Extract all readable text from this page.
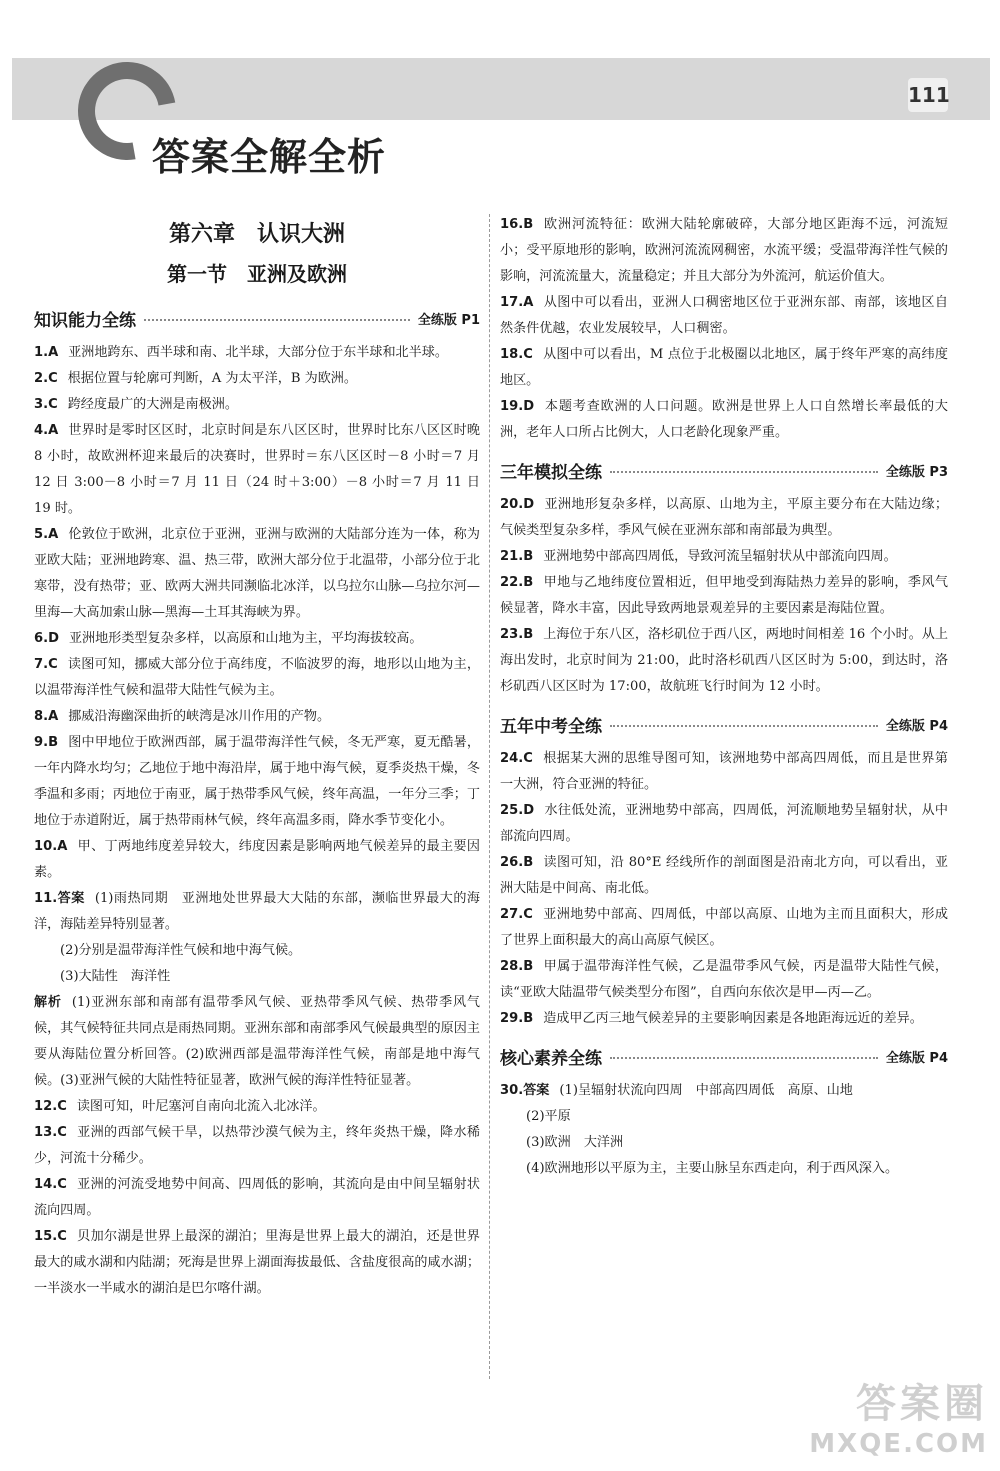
111
答案全解全析
第六章　认识大洲
第一节　亚洲及欧洲
知识能力全练	全练版 P1

1.A 亚洲地跨东、西半球和南、北半球，大部分位于东半球和北半球。

2.C 根据位置与轮廓可判断，A 为太平洋，B 为欧洲。

3.C 跨经度最广的大洲是南极洲。

4.A 世界时是零时区区时，北京时间是东八区区时，世界时比东八区区时晚 8 小时，故欧洲杯迎来最后的决赛时，世界时＝东八区区时－8 小时＝7 月 12 日 3:00－8 小时＝7 月 11 日（24 时＋3:00）－8 小时＝7 月 11 日 19 时。

5.A 伦敦位于欧洲，北京位于亚洲，亚洲与欧洲的大陆部分连为一体，称为亚欧大陆；亚洲地跨寒、温、热三带，欧洲大部分位于北温带，小部分位于北寒带，没有热带；亚、欧两大洲共同濒临北冰洋，以乌拉尔山脉—乌拉尔河—里海—大高加索山脉—黑海—土耳其海峡为界。

6.D 亚洲地形类型复杂多样，以高原和山地为主，平均海拔较高。

7.C 读图可知，挪威大部分位于高纬度，不临波罗的海，地形以山地为主，以温带海洋性气候和温带大陆性气候为主。

8.A 挪威沿海幽深曲折的峡湾是冰川作用的产物。

9.B 图中甲地位于欧洲西部，属于温带海洋性气候，冬无严寒，夏无酷暑，一年内降水均匀；乙地位于地中海沿岸，属于地中海气候，夏季炎热干燥，冬季温和多雨；丙地位于南亚，属于热带季风气候，终年高温，一年分三季；丁地位于赤道附近，属于热带雨林气候，终年高温多雨，降水季节变化小。

10.A 甲、丁两地纬度差异较大，纬度因素是影响两地气候差异的最主要因素。

11.答案 (1)雨热同期　亚洲地处世界最大大陆的东部，濒临世界最大的海洋，海陆差异特别显著。

(2)分别是温带海洋性气候和地中海气候。

(3)大陆性　海洋性

解析 (1)亚洲东部和南部有温带季风气候、亚热带季风气候、热带季风气候，其气候特征共同点是雨热同期。亚洲东部和南部季风气候最典型的原因主要从海陆位置分析回答。(2)欧洲西部是温带海洋性气候，南部是地中海气候。(3)亚洲气候的大陆性特征显著，欧洲气候的海洋性特征显著。

12.C 读图可知，叶尼塞河自南向北流入北冰洋。

13.C 亚洲的西部气候干旱，以热带沙漠气候为主，终年炎热干燥，降水稀少，河流十分稀少。

14.C 亚洲的河流受地势中间高、四周低的影响，其流向是由中间呈辐射状流向四周。

15.C 贝加尔湖是世界上最深的湖泊；里海是世界上最大的湖泊，还是世界最大的咸水湖和内陆湖；死海是世界上湖面海拔最低、含盐度很高的咸水湖；一半淡水一半咸水的湖泊是巴尔喀什湖。

16.B 欧洲河流特征：欧洲大陆轮廓破碎，大部分地区距海不远，河流短小；受平原地形的影响，欧洲河流流网稠密，水流平缓；受温带海洋性气候的影响，河流流量大，流量稳定；并且大部分为外流河，航运价值大。

17.A 从图中可以看出，亚洲人口稠密地区位于亚洲东部、南部，该地区自然条件优越，农业发展较早，人口稠密。

18.C 从图中可以看出，M 点位于北极圈以北地区，属于终年严寒的高纬度地区。

19.D 本题考查欧洲的人口问题。欧洲是世界上人口自然增长率最低的大洲，老年人口所占比例大，人口老龄化现象严重。

三年模拟全练	全练版 P3

20.D 亚洲地形复杂多样，以高原、山地为主，平原主要分布在大陆边缘；气候类型复杂多样，季风气候在亚洲东部和南部最为典型。

21.B 亚洲地势中部高四周低，导致河流呈辐射状从中部流向四周。

22.B 甲地与乙地纬度位置相近，但甲地受到海陆热力差异的影响，季风气候显著，降水丰富，因此导致两地景观差异的主要因素是海陆位置。

23.B 上海位于东八区，洛杉矶位于西八区，两地时间相差 16 个小时。从上海出发时，北京时间为 21:00，此时洛杉矶西八区区时为 5:00，到达时，洛杉矶西八区区时为 17:00，故航班飞行时间为 12 小时。

五年中考全练	全练版 P4

24.C 根据某大洲的思维导图可知，该洲地势中部高四周低，而且是世界第一大洲，符合亚洲的特征。

25.D 水往低处流，亚洲地势中部高，四周低，河流顺地势呈辐射状，从中部流向四周。

26.B 读图可知，沿 80°E 经线所作的剖面图是沿南北方向，可以看出，亚洲大陆是中间高、南北低。

27.C 亚洲地势中部高、四周低，中部以高原、山地为主而且面积大，形成了世界上面积最大的高山高原气候区。

28.B 甲属于温带海洋性气候，乙是温带季风气候，丙是温带大陆性气候，读“亚欧大陆温带气候类型分布图”，自西向东依次是甲—丙—乙。

29.B 造成甲乙丙三地气候差异的主要影响因素是各地距海远近的差异。

核心素养全练	全练版 P4

30.答案 (1)呈辐射状流向四周　中部高四周低　高原、山地

(2)平原

(3)欧洲　大洋洲

(4)欧洲地形以平原为主，主要山脉呈东西走向，利于西风深入。

答案圈
MXQE.COM
